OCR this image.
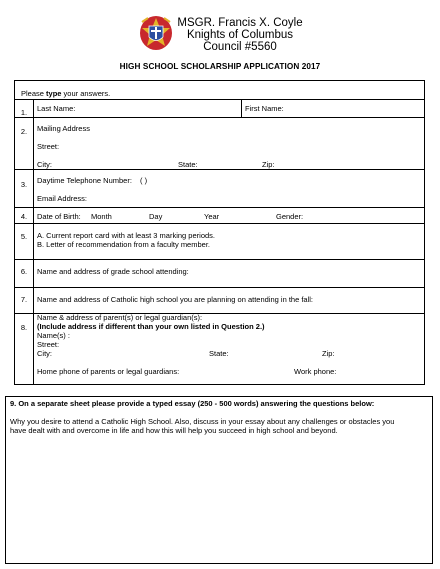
MSGR. Francis X. Coyle
Knights of Columbus
Council #5560
HIGH SCHOOL SCHOLARSHIP APPLICATION 2017
Please type your answers.
1.	Last Name:	First Name:
2.	Mailing Address
Street:
City:	State:	Zip:
3.	Daytime Telephone Number: ( )
Email Address:
4.	Date of Birth: Month	Day	Year	Gender:
5.	A. Current report card with at least 3 marking periods.
B. Letter of recommendation from a faculty member.
6.	Name and address of grade school attending:
7.	Name and address of Catholic high school you are planning on attending in the fall:
8.
Name & address of parent(s) or legal guardian(s):
(Include address if different than your own listed in Question 2.)
Name(s) :
Street:
City:	State:	Zip:
Home phone of parents or legal guardians:	Work phone:
9. On a separate sheet please provide a typed essay (250 - 500 words) answering the questions below:
Why you desire to attend a Catholic High School. Also, discuss in your essay about any challenges or obstacles you
have dealt with and overcome in life and how this will help you succeed in high school and beyond.
